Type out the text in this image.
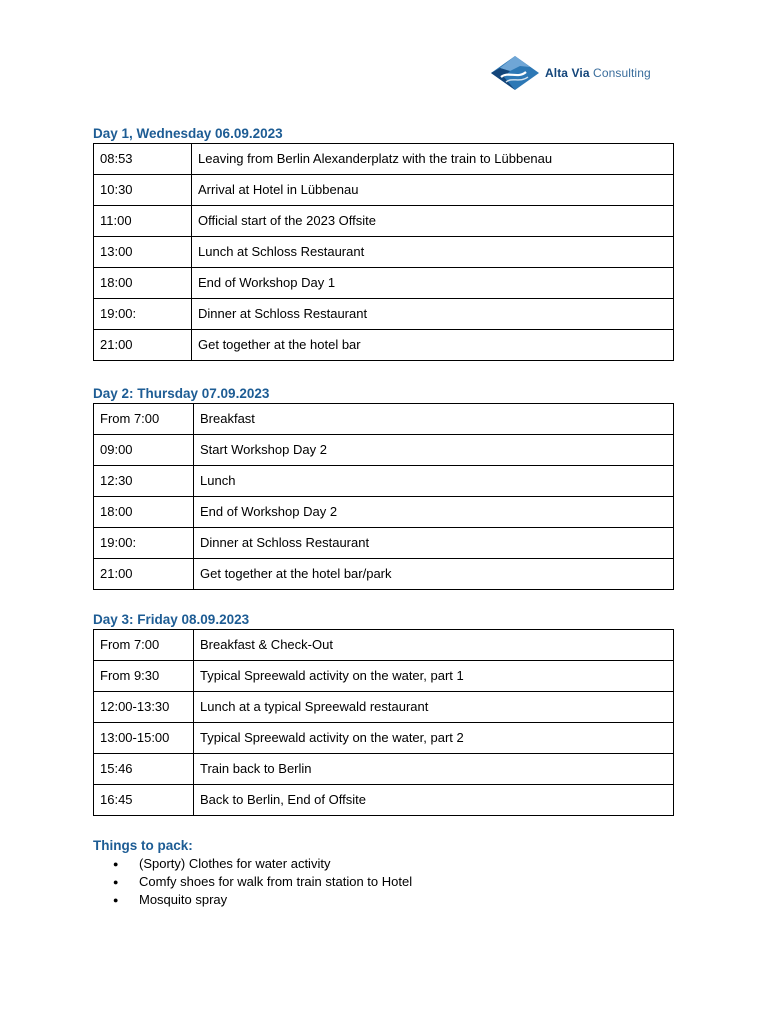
Alta Via Consulting
Day 1, Wednesday 06.09.2023
08:53	Leaving from Berlin Alexanderplatz with the train to Lübbenau
10:30	Arrival at Hotel in Lübbenau
11:00	Official start of the 2023 Offsite
13:00	Lunch at Schloss Restaurant
18:00	End of Workshop Day 1
19:00:	Dinner at Schloss Restaurant
21:00	Get together at the hotel bar
Day 2: Thursday 07.09.2023
From 7:00	Breakfast
09:00	Start Workshop Day 2
12:30	Lunch
18:00	End of Workshop Day 2
19:00:	Dinner at Schloss Restaurant
21:00	Get together at the hotel bar/park
Day 3: Friday 08.09.2023
From 7:00	Breakfast & Check-Out
From 9:30	Typical Spreewald activity on the water, part 1
12:00-13:30	Lunch at a typical Spreewald restaurant
13:00-15:00	Typical Spreewald activity on the water, part 2
15:46	Train back to Berlin
16:45	Back to Berlin, End of Offsite
Things to pack:
● (Sporty) Clothes for water activity
● Comfy shoes for walk from train station to Hotel
● Mosquito spray
